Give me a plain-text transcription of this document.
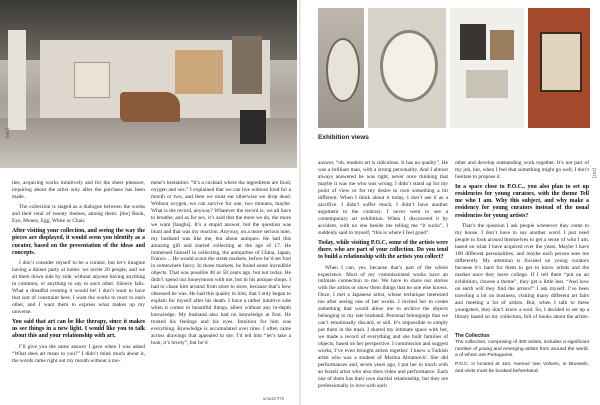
[156]

ties, acquiring works intuitively and for the sheer pleasure, inquiring about the artist only after the purchase has been made.

The collection is staged as a dialogue between the works and their total of twenty themes, among them: [the] Book, Eye, Money, Egg, White or Chair.

After visiting your collection, and seeing the way the pieces are displayed, it would seem you identify as a curator, based on the presentation of the ideas and concepts.

I don’t consider myself to be a curator, but let’s imagine having a dinner party at home: we invite 20 people, and we sit them down side by side, without anyone having anything in common, or anything to say to each other. Silence falls. What a dreadful evening it would be! I don’t want to have that sort of constraint here, I want the works to react to each other, and I want them to express what makes up my universe.

You said that art can be like therapy, since it makes us see things in a new light. I would like you to talk about this and your relationship with art.

I’ll give you the same answer I gave when I was asked “What does art mean to you?” I didn’t think much about it, the words came right out my mouth without a mo-

ment’s hesitation: “It’s a cocktail where the ingredients are food, oxygen and sex.” I explained that we can live without food for a month or two, and then we must eat otherwise we drop dead. Without oxygen, we can survive for one, two minutes, maybe. What is the record, anyway? Whatever the record is, we all have to breathe, and as for sex, it’s said that the more we do, the more we want [laughs]. It’s a stupid answer, but the question was blunt and that was my reaction. Anyway, on a more serious note, my husband was like me, but about antiques. He had this amazing gift and started collecting at the age of 17. He immersed himself in collecting, the antiquities of China, Japan, France… He would scour the street markets, before he’d set foot in somewhere fancy. In those markets, he found some incredible objects. That was possible 40 or 50 years ago, but not today. He didn’t spend our honeymoon with me, but in his antique shops. I had to chase him around from store to store, because that’s how obsessed he was. He had this quality to him, that I only began to explain for myself after his death. I have a rather intuitive side when it comes to beautiful things, albeit without any in-depth knowledge. My husband also had no knowledge at first. He trusted his feelings and his eyes. Intuition for him was everything. Knowledge is accumulated over time. I often came across drawings that appealed to me. I’d tell him “let’s take a look, it’s lovely”, but he’d

ume33 #75
Exhibition views
[157]

answer, “oh, modern art is ridiculous. It has no quality”. He was a brilliant man, with a strong personality. And I almost always answered he was right, never once thinking that maybe it was me who was wrong. I didn’t stand up for my point of view or for my desire to own something a bit different. When I think about it today, I don’t see it as a sacrifice. I didn’t suffer much, I didn’t have another argument to the contrary. I never went to see a contemporary art exhibition. When I discovered it by accident, with no one beside me telling me “it sucks”, I suddenly said to myself, “this is where I feel good”.

Today, while visiting P.O.C, some of the artists were there, who are part of your collection. Do you tend to build a relationship with the artists you collect?

When I can, yes, because that’s part of the whole experience. Most of my commissioned works have an intimate connection to me. We have to share our stories with the artists or show them things that no one else knows. Once, I met a Japanese artist, whose technique interested me after seeing one of her works. I invited her to create something that would allow me to archive the objects belonging to my late husband. Personal belongings that we can’t emotionally discard, or sell. It’s impossible to simply put them in the trash. I shared my intimate space with her, we made a record of everything and she built families of objects, based on her perspective. I commission and suggest works, I’ve even brought artists together. I knew a Turkish artist who was a student of Marina Abramović. She did performances and, seven years ago, I put her in touch with an Israeli artist who also does video and performance. Each one of them has their own marital relationship, but they are professionally in love with each

other and develop outstanding work together. It’s not part of my job, but, when I feel that something might go well, I don’t hesitate to propose it.

In a space close to P.O.C., you also plan to set up residencies for young curators, with the theme Tell me who I am. Why this subject, and why make a residency for young curators instead of the usual residencies for young artists?

That’s the question I ask people whenever they come to my house. I don’t have to say another word. I just need people to look around themselves to get a sense of who I am, based on what I have acquired over the years. Maybe I have 100 different personalities, and maybe each person sees me differently. My attention is focused on young curators because it’s hard for them to get to know artists and the market once they leave college. If I tell them “put on an exhibition, choose a theme”, they get a little lost. “And how on earth will they find the artists?” I ask myself. I’ve been traveling a lot on business, visiting many different art fairs and meeting a lot of artists. But, when I talk to these youngsters, they don’t know a soul. So, I decided to set up a library based on my collection, full of books about the artists.

The Collection

The collection, comprising of 400 artists, includes a significant number of young and emerging artists from around the world, a of whom are Portuguese.

P.O.C. is located at 164, Avenue Van Volxem, in Brussels, and visits must be booked beforehand.
